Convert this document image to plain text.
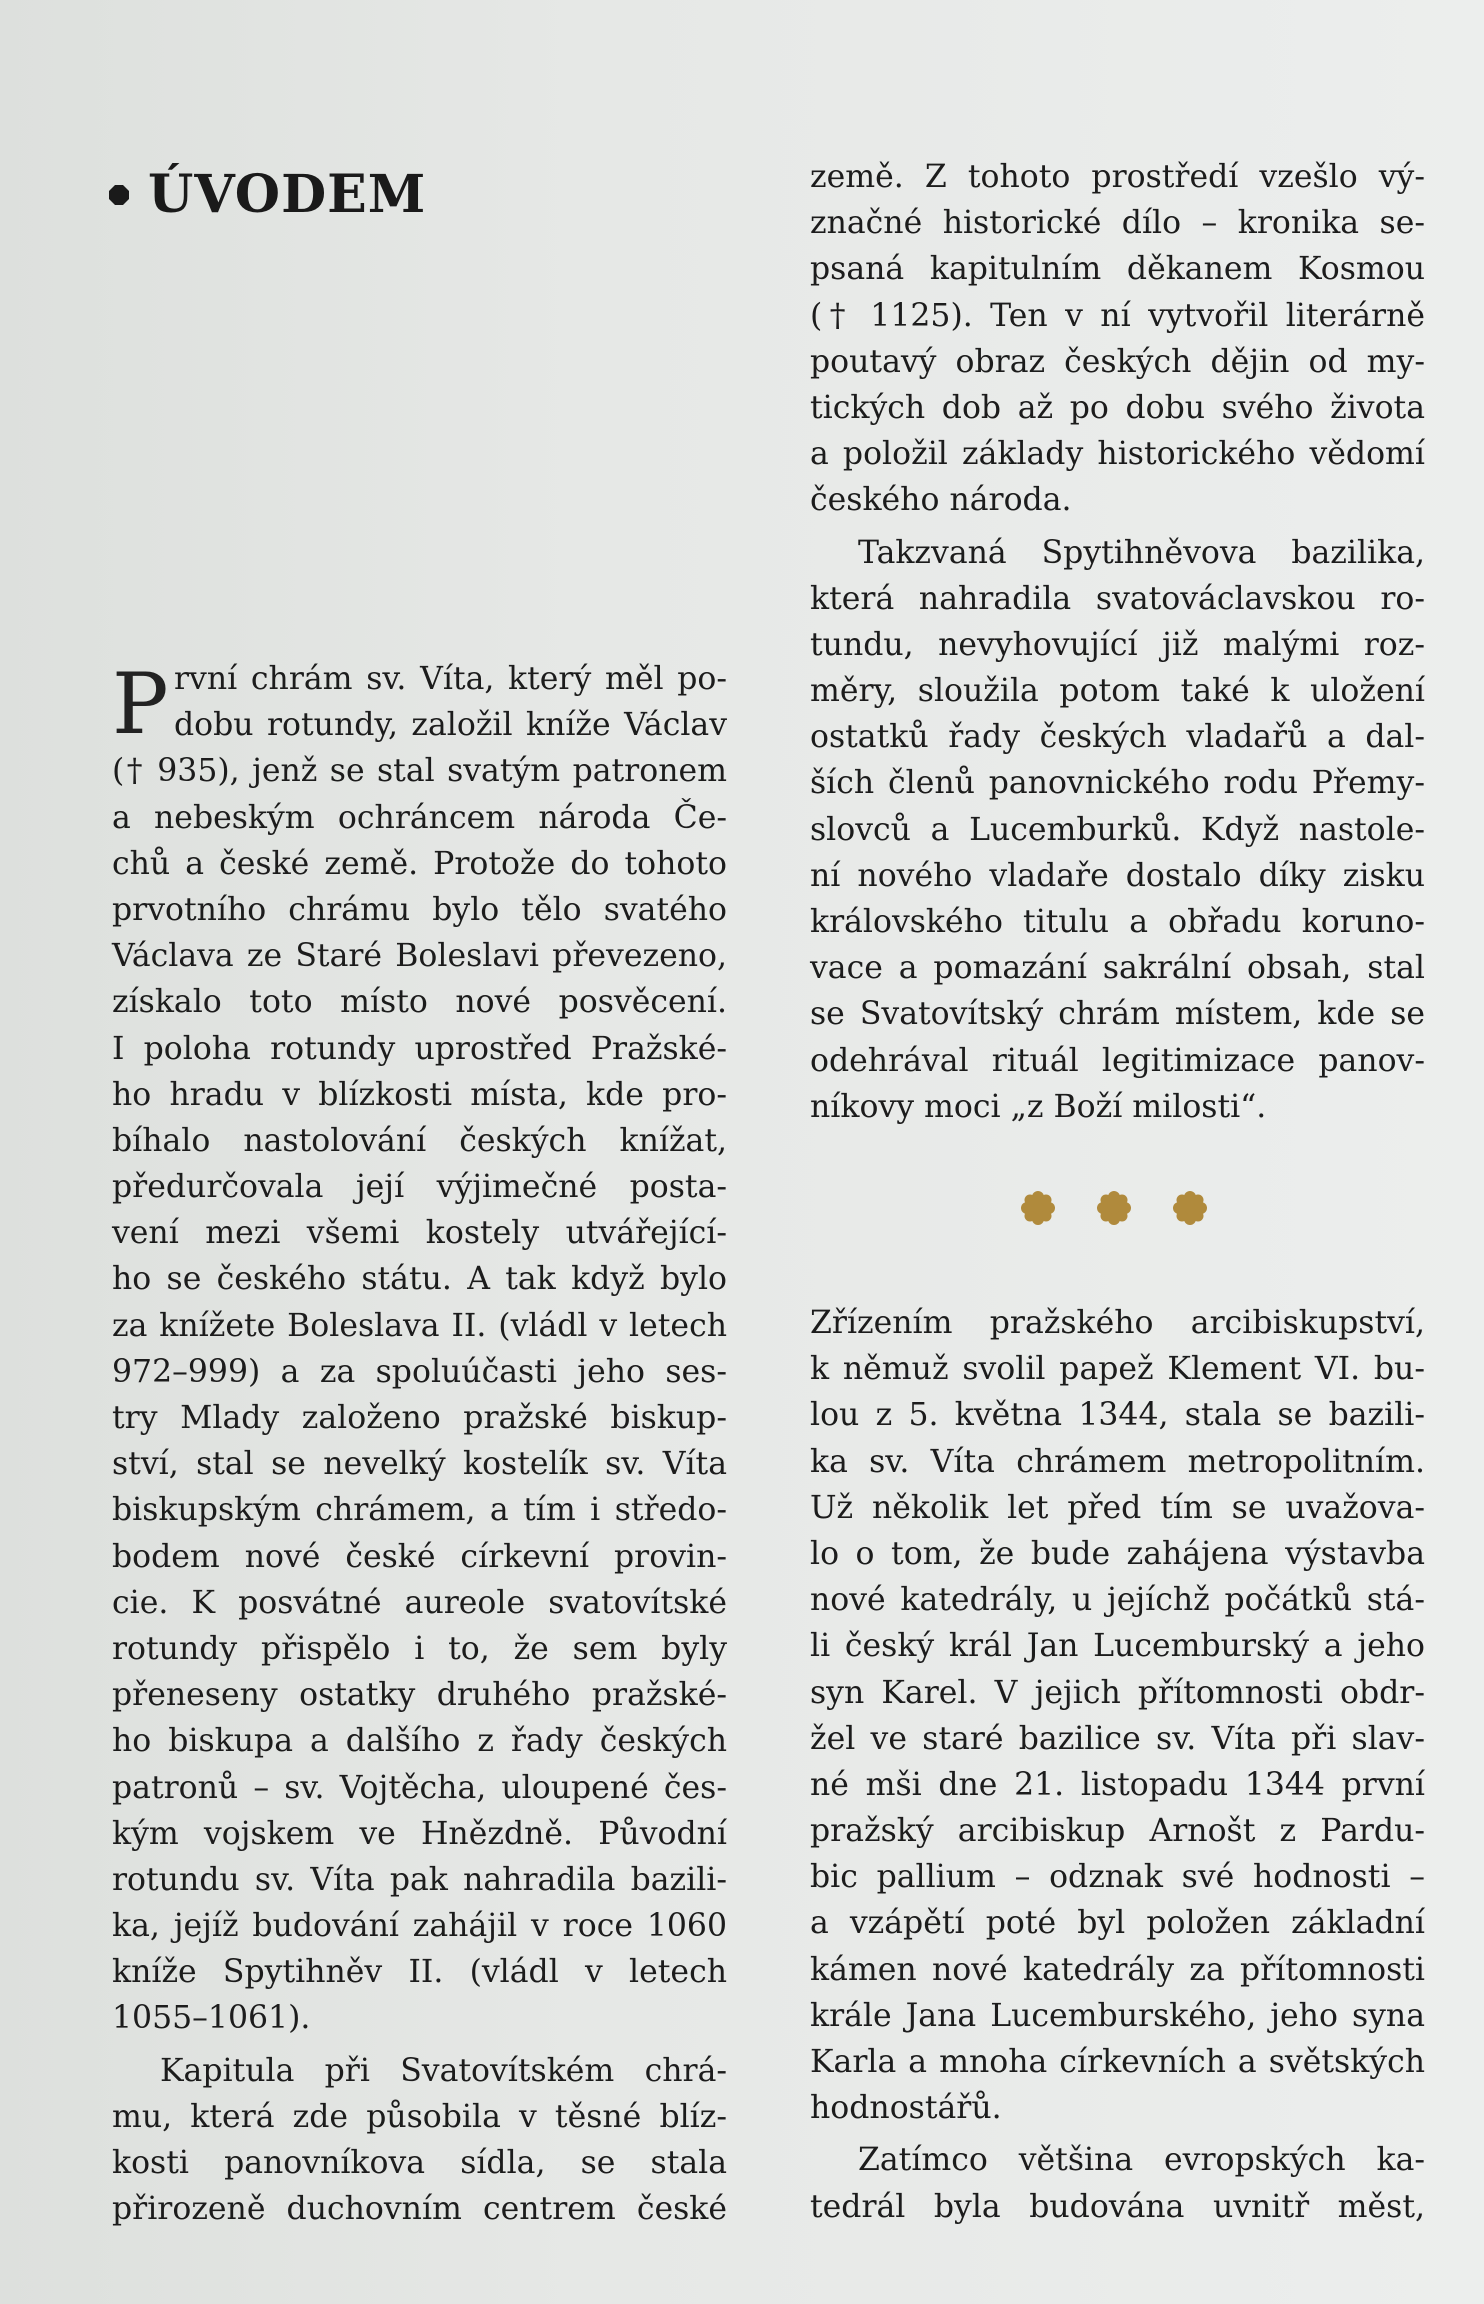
ÚVODEM
P rvní chrám sv. Víta, který měl po-
dobu rotundy, založil kníže Václav
(† 935), jenž se stal svatým patronem
a nebeským ochráncem národa Če-
chů a české země. Protože do tohoto
prvotního chrámu bylo tělo svatého
Václava ze Staré Boleslavi převezeno,
získalo toto místo nové posvěcení.
I poloha rotundy uprostřed Pražské-
ho hradu v blízkosti místa, kde pro-
bíhalo nastolování českých knížat,
předurčovala její výjimečné posta-
vení mezi všemi kostely utvářející-
ho se českého státu. A tak když bylo
za knížete Boleslava II. (vládl v letech
972–999) a za spoluúčasti jeho ses-
try Mlady založeno pražské biskup-
ství, stal se nevelký kostelík sv. Víta
biskupským chrámem, a tím i středo-
bodem nové české církevní provin-
cie. K posvátné aureole svatovítské
rotundy přispělo i to, že sem byly
přeneseny ostatky druhého pražské-
ho biskupa a dalšího z řady českých
patronů – sv. Vojtěcha, uloupené čes-
kým vojskem ve Hnězdně. Původní
rotundu sv. Víta pak nahradila bazili-
ka, jejíž budování zahájil v roce 1060
kníže Spytihněv II. (vládl v letech
1055–1061).
Kapitula při Svatovítském chrá-
mu, která zde působila v těsné blíz-
kosti panovníkova sídla, se stala
přirozeně duchovním centrem české
země. Z tohoto prostředí vzešlo vý-
značné historické dílo – kronika se-
psaná kapitulním děkanem Kosmou
(† 1125). Ten v ní vytvořil literárně
poutavý obraz českých dějin od my-
tických dob až po dobu svého života
a položil základy historického vědomí
českého národa.
Takzvaná Spytihněvova bazilika,
která nahradila svatováclavskou ro-
tundu, nevyhovující již malými roz-
měry, sloužila potom také k uložení
ostatků řady českých vladařů a dal-
ších členů panovnického rodu Přemy-
slovců a Lucemburků. Když nastole-
ní nového vladaře dostalo díky zisku
královského titulu a obřadu koruno-
vace a pomazání sakrální obsah, stal
se Svatovítský chrám místem, kde se
odehrával rituál legitimizace panov-
níkovy moci „z Boží milosti“.
Zřízením pražského arcibiskupství,
k němuž svolil papež Klement VI. bu-
lou z 5. května 1344, stala se bazili-
ka sv. Víta chrámem metropolitním.
Už několik let před tím se uvažova-
lo o tom, že bude zahájena výstavba
nové katedrály, u jejíchž počátků stá-
li český král Jan Lucemburský a jeho
syn Karel. V jejich přítomnosti obdr-
žel ve staré bazilice sv. Víta při slav-
né mši dne 21. listopadu 1344 první
pražský arcibiskup Arnošt z Pardu-
bic pallium – odznak své hodnosti –
a vzápětí poté byl položen základní
kámen nové katedrály za přítomnosti
krále Jana Lucemburského, jeho syna
Karla a mnoha církevních a světských
hodnostářů.
Zatímco většina evropských ka-
tedrál byla budována uvnitř měst,
